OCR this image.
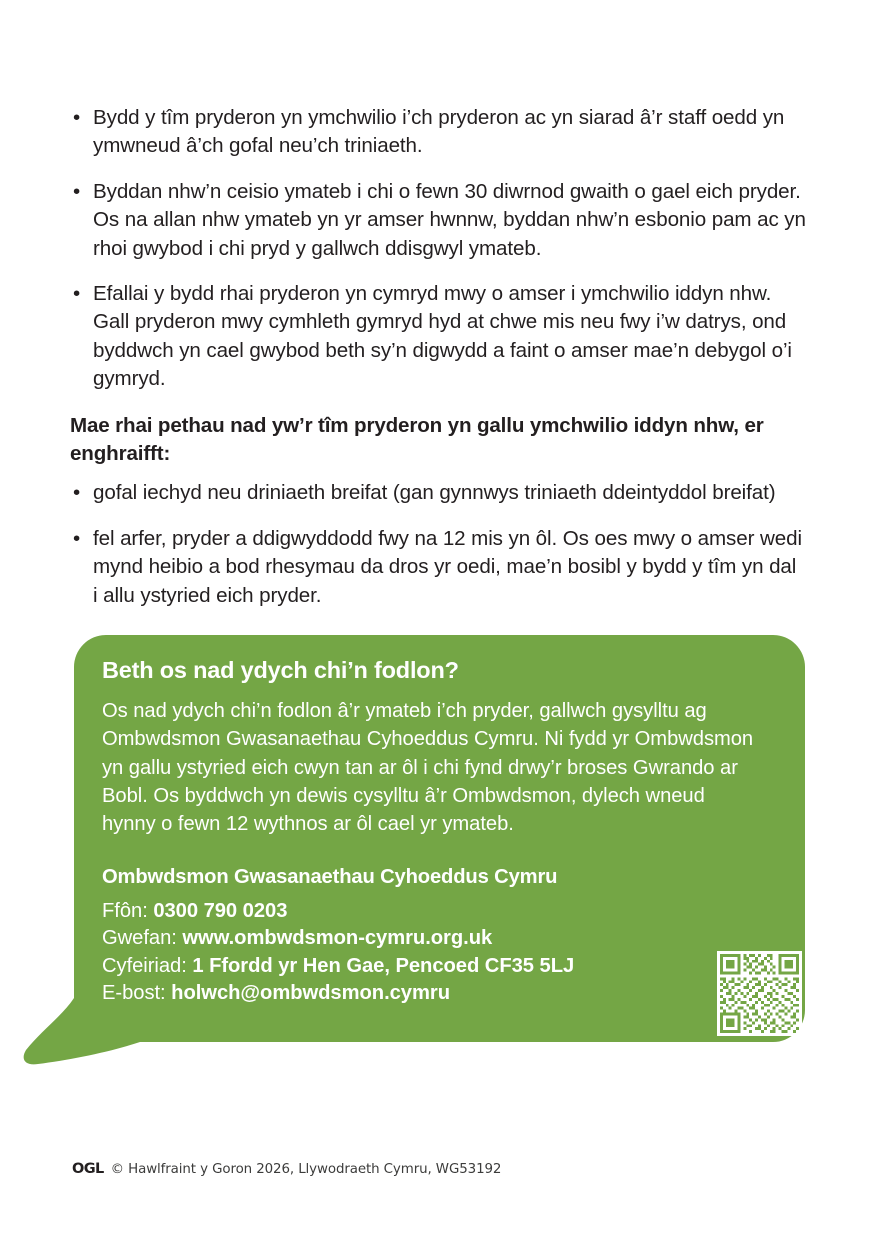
• Bydd y tîm pryderon yn ymchwilio i’ch pryderon ac yn siarad â’r staff oedd yn ymwneud â’ch gofal neu’ch triniaeth.
• Byddan nhw’n ceisio ymateb i chi o fewn 30 diwrnod gwaith o gael eich pryder. Os na allan nhw ymateb yn yr amser hwnnw, byddan nhw’n esbonio pam ac yn rhoi gwybod i chi pryd y gallwch ddisgwyl ymateb.
• Efallai y bydd rhai pryderon yn cymryd mwy o amser i ymchwilio iddyn nhw. Gall pryderon mwy cymhleth gymryd hyd at chwe mis neu fwy i’w datrys, ond byddwch yn cael gwybod beth sy’n digwydd a faint o amser mae’n debygol o’i gymryd.

Mae rhai pethau nad yw’r tîm pryderon yn gallu ymchwilio iddyn nhw, er enghraifft:

• gofal iechyd neu driniaeth breifat (gan gynnwys triniaeth ddeintyddol breifat)
• fel arfer, pryder a ddigwyddodd fwy na 12 mis yn ôl. Os oes mwy o amser wedi mynd heibio a bod rhesymau da dros yr oedi, mae’n bosibl y bydd y tîm yn dal i allu ystyried eich pryder.
Beth os nad ydych chi’n fodlon?

Os nad ydych chi’n fodlon â’r ymateb i’ch pryder, gallwch gysylltu ag Ombwdsmon Gwasanaethau Cyhoeddus Cymru. Ni fydd yr Ombwdsmon yn gallu ystyried eich cwyn tan ar ôl i chi fynd drwy’r broses Gwrando ar Bobl. Os byddwch yn dewis cysylltu â’r Ombwdsmon, dylech wneud hynny o fewn 12 wythnos ar ôl cael yr ymateb.

Ombwdsmon Gwasanaethau Cyhoeddus Cymru
Ffôn: 0300 790 0203
Gwefan: www.ombwdsmon-cymru.org.uk
Cyfeiriad: 1 Ffordd yr Hen Gae, Pencoed CF35 5LJ
E-bost: holwch@ombwdsmon.cymru
OGL © Hawlfraint y Goron 2026, Llywodraeth Cymru, WG53192
